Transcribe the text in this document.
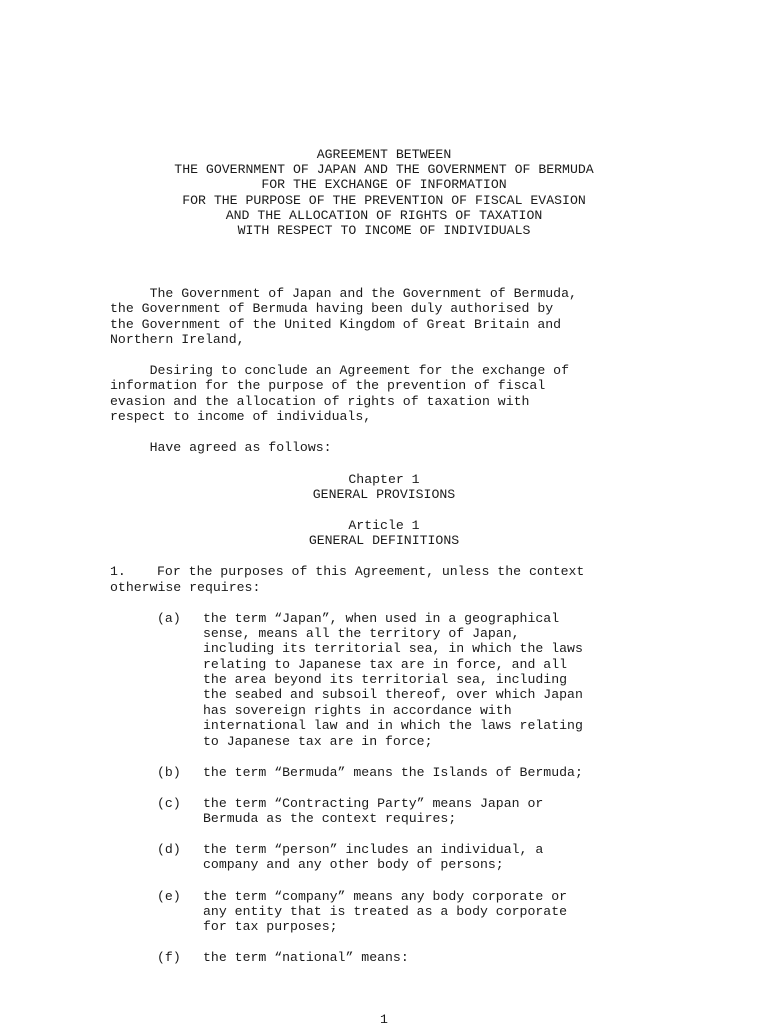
AGREEMENT BETWEEN
THE GOVERNMENT OF JAPAN AND THE GOVERNMENT OF BERMUDA
FOR THE EXCHANGE OF INFORMATION
FOR THE PURPOSE OF THE PREVENTION OF FISCAL EVASION
AND THE ALLOCATION OF RIGHTS OF TAXATION
WITH RESPECT TO INCOME OF INDIVIDUALS
The Government of Japan and the Government of Bermuda,
the Government of Bermuda having been duly authorised by
the Government of the United Kingdom of Great Britain and
Northern Ireland,
Desiring to conclude an Agreement for the exchange of
information for the purpose of the prevention of fiscal
evasion and the allocation of rights of taxation with
respect to income of individuals,
Have agreed as follows:
Chapter 1
GENERAL PROVISIONS
Article 1
GENERAL DEFINITIONS
1. For the purposes of this Agreement, unless the context
otherwise requires:
(a) the term “Japan”, when used in a geographical
sense, means all the territory of Japan,
including its territorial sea, in which the laws
relating to Japanese tax are in force, and all
the area beyond its territorial sea, including
the seabed and subsoil thereof, over which Japan
has sovereign rights in accordance with
international law and in which the laws relating
to Japanese tax are in force;
(b) the term “Bermuda” means the Islands of Bermuda;
(c) the term “Contracting Party” means Japan or
Bermuda as the context requires;
(d) the term “person” includes an individual, a
company and any other body of persons;
(e) the term “company” means any body corporate or
any entity that is treated as a body corporate
for tax purposes;
(f) the term “national” means:
1
